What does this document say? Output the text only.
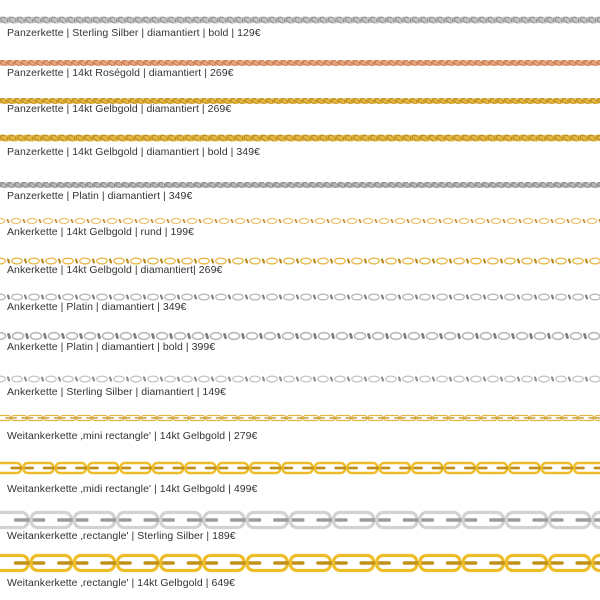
Panzerkette | Sterling Silber | diamantiert | bold | 129€
Panzerkette | 14kt Roségold | diamantiert | 269€
Panzerkette | 14kt Gelbgold | diamantiert | 269€
Panzerkette | 14kt Gelbgold | diamantiert | bold | 349€
Panzerkette | Platin | diamantiert | 349€
Ankerkette | 14kt Gelbgold | rund | 199€
Ankerkette | 14kt Gelbgold | diamantiert| 269€
Ankerkette | Platin | diamantiert | 349€
Ankerkette | Platin | diamantiert | bold | 399€
Ankerkette | Sterling Silber | diamantiert | 149€
Weitankerkette ‚mini rectangle' | 14kt Gelbgold | 279€
Weitankerkette ‚midi rectangle' | 14kt Gelbgold | 499€
Weitankerkette ‚rectangle' | Sterling Silber | 189€
Weitankerkette ‚rectangle' | 14kt Gelbgold | 649€
